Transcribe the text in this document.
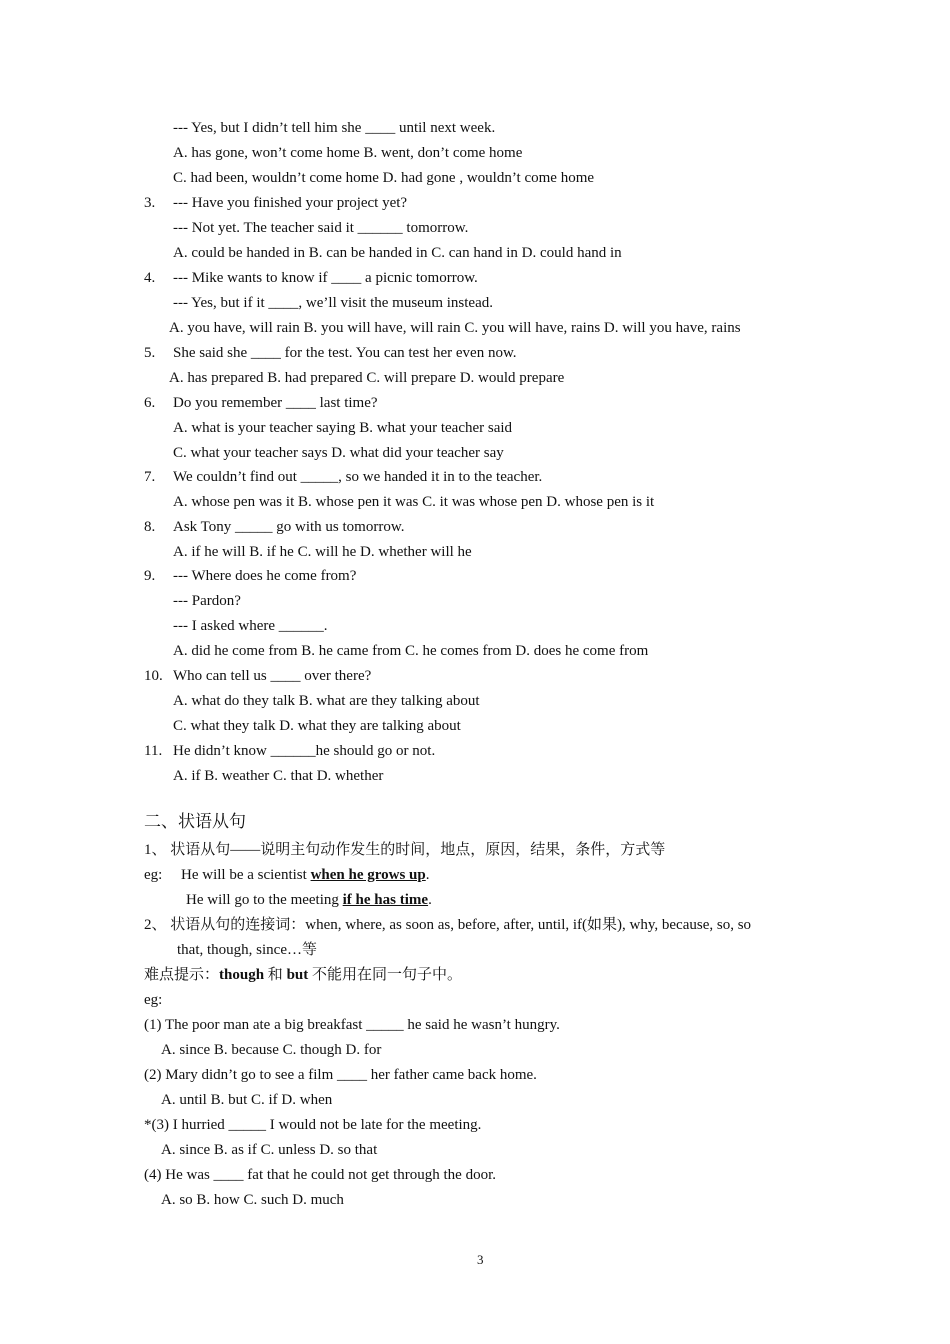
--- Yes, but I didn’t tell him she ____ until next week.
A. has gone, won’t come home B. went, don’t come home
C. had been, wouldn’t come home D. had gone , wouldn’t come home
3. --- Have you finished your project yet?
--- Not yet. The teacher said it ______ tomorrow.
A. could be handed in B. can be handed in C. can hand in D. could hand in
4. --- Mike wants to know if ____ a picnic tomorrow.
--- Yes, but if it ____, we’ll visit the museum instead.
A. you have, will rain B. you will have, will rain C. you will have, rains D. will you have, rains
5. She said she ____ for the test. You can test her even now.
A. has prepared B. had prepared C. will prepare D. would prepare
6. Do you remember ____ last time?
A. what is your teacher saying B. what your teacher said
C. what your teacher says D. what did your teacher say
7. We couldn’t find out _____, so we handed it in to the teacher.
A. whose pen was it B. whose pen it was C. it was whose pen D. whose pen is it
8. Ask Tony _____ go with us tomorrow.
A. if he will B. if he C. will he D. whether will he
9. --- Where does he come from?
--- Pardon?
--- I asked where ______.
A. did he come from B. he came from C. he comes from D. does he come from
10. Who can tell us ____ over there?
A. what do they talk B. what are they talking about
C. what they talk D. what they are talking about
11. He didn’t know ______he should go or not.
A. if B. weather C. that D. whether
二、状语从句
1、 状语从句——说明主句动作发生的时间，地点，原因，结果，条件，方式等
eg: He will be a scientist when he grows up.
He will go to the meeting if he has time.
2、 状语从句的连接词：when, where, as soon as, before, after, until, if(如果), why, because, so, so
that, though, since…等
难点提示：though 和 but 不能用在同一句子中。
eg:
(1) The poor man ate a big breakfast _____ he said he wasn’t hungry.
A. since B. because C. though D. for
(2) Mary didn’t go to see a film ____ her father came back home.
A. until B. but C. if D. when
*(3) I hurried _____ I would not be late for the meeting.
A. since B. as if C. unless D. so that
(4) He was ____ fat that he could not get through the door.
A. so B. how C. such D. much
3
